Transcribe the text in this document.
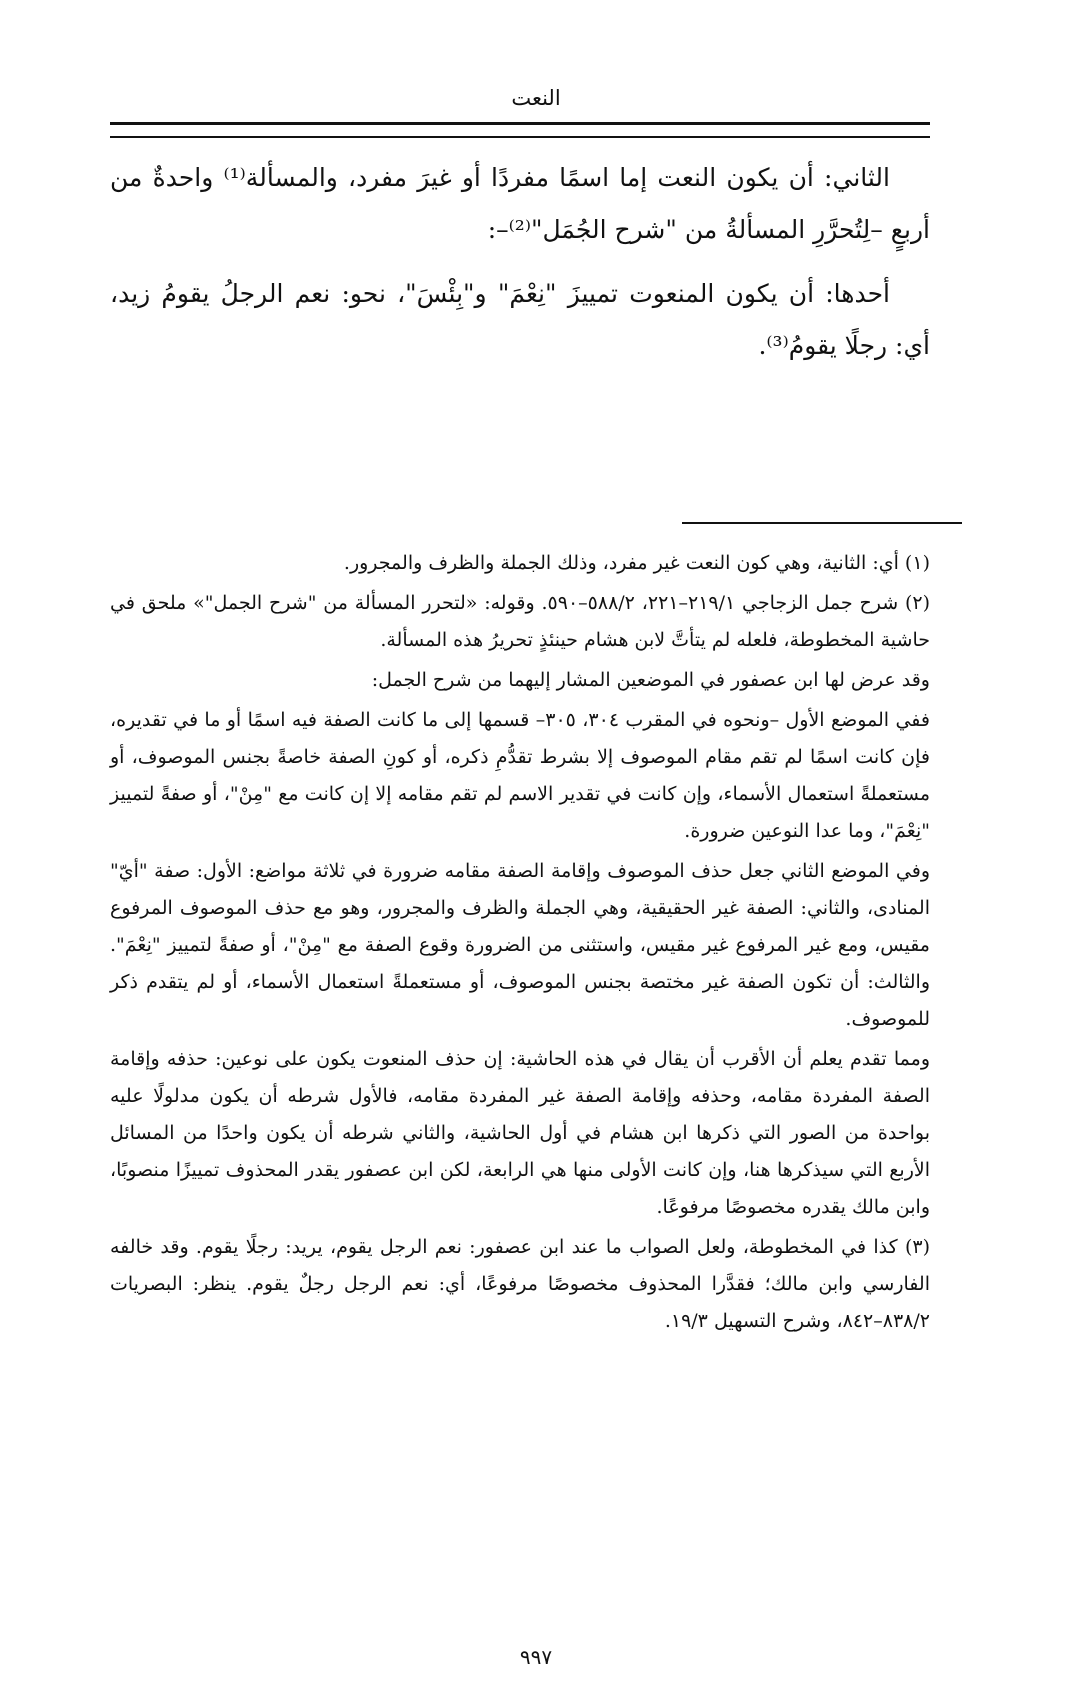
النعت

الثاني: أن يكون النعت إما اسمًا مفردًا أو غيرَ مفرد، والمسألة⁽¹⁾ واحدةٌ من أربعٍ –لِتُحرَّرِ المسألةُ من "شرح الجُمَل"⁽²⁾–:

أحدها: أن يكون المنعوت تمييزَ "نِعْمَ" و"بِئْسَ"، نحو: نعم الرجلُ يقومُ زيد، أي: رجلًا يقومُ⁽³⁾.

(١) أي: الثانية، وهي كون النعت غير مفرد، وذلك الجملة والظرف والمجرور.

(٢) شرح جمل الزجاجي ٢١٩/١–٢٢١، ٥٨٨/٢–٥٩٠. وقوله: «لتحرر المسألة من "شرح الجمل"» ملحق في حاشية المخطوطة، فلعله لم يتأتَّ لابن هشام حينئذٍ تحريرُ هذه المسألة.

وقد عرض لها ابن عصفور في الموضعين المشار إليهما من شرح الجمل:

ففي الموضع الأول –ونحوه في المقرب ٣٠٤، ٣٠٥– قسمها إلى ما كانت الصفة فيه اسمًا أو ما في تقديره، فإن كانت اسمًا لم تقم مقام الموصوف إلا بشرط تقدُّمِ ذكره، أو كونِ الصفة خاصةً بجنس الموصوف، أو مستعملةً استعمال الأسماء، وإن كانت في تقدير الاسم لم تقم مقامه إلا إن كانت مع "مِنْ"، أو صفةً لتمييز "نِعْمَ"، وما عدا النوعين ضرورة.

وفي الموضع الثاني جعل حذف الموصوف وإقامة الصفة مقامه ضرورة في ثلاثة مواضع: الأول: صفة "أيّ" المنادى، والثاني: الصفة غير الحقيقية، وهي الجملة والظرف والمجرور، وهو مع حذف الموصوف المرفوع مقيس، ومع غير المرفوع غير مقيس، واستثنى من الضرورة وقوع الصفة مع "مِنْ"، أو صفةً لتمييز "نِعْمَ". والثالث: أن تكون الصفة غير مختصة بجنس الموصوف، أو مستعملةً استعمال الأسماء، أو لم يتقدم ذكر للموصوف.

ومما تقدم يعلم أن الأقرب أن يقال في هذه الحاشية: إن حذف المنعوت يكون على نوعين: حذفه وإقامة الصفة المفردة مقامه، وحذفه وإقامة الصفة غير المفردة مقامه، فالأول شرطه أن يكون مدلولًا عليه بواحدة من الصور التي ذكرها ابن هشام في أول الحاشية، والثاني شرطه أن يكون واحدًا من المسائل الأربع التي سيذكرها هنا، وإن كانت الأولى منها هي الرابعة، لكن ابن عصفور يقدر المحذوف تمييزًا منصوبًا، وابن مالك يقدره مخصوصًا مرفوعًا.

(٣) كذا في المخطوطة، ولعل الصواب ما عند ابن عصفور: نعم الرجل يقوم، يريد: رجلًا يقوم. وقد خالفه الفارسي وابن مالك؛ فقدَّرا المحذوف مخصوصًا مرفوعًا، أي: نعم الرجل رجلٌ يقوم. ينظر: البصريات ٨٣٨/٢–٨٤٢، وشرح التسهيل ١٩/٣.

٩٩٧
